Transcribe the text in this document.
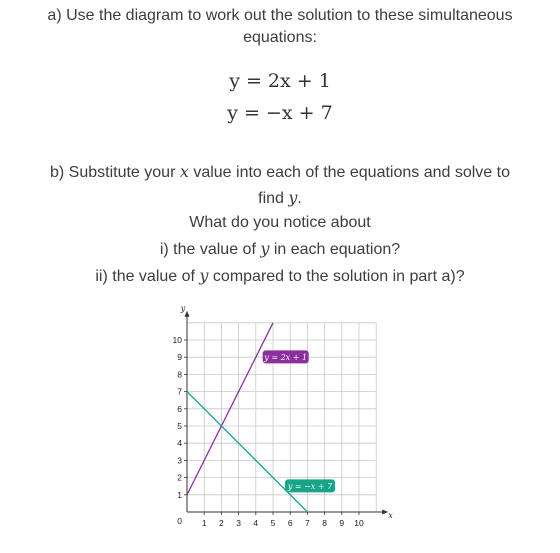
a) Use the diagram to work out the solution to these simultaneous
equations:
y = 2x + 1
y = −x + 7
b) Substitute your x value into each of the equations and solve to
find y.
What do you notice about
i) the value of y in each equation?
ii) the value of y compared to the solution in part a)?
1 2 3 4 5 6 7 8 9 10
1
2
3
4
5
6
7
8
9
10
0
x
y
y = 2x + 1
y = −x + 7
